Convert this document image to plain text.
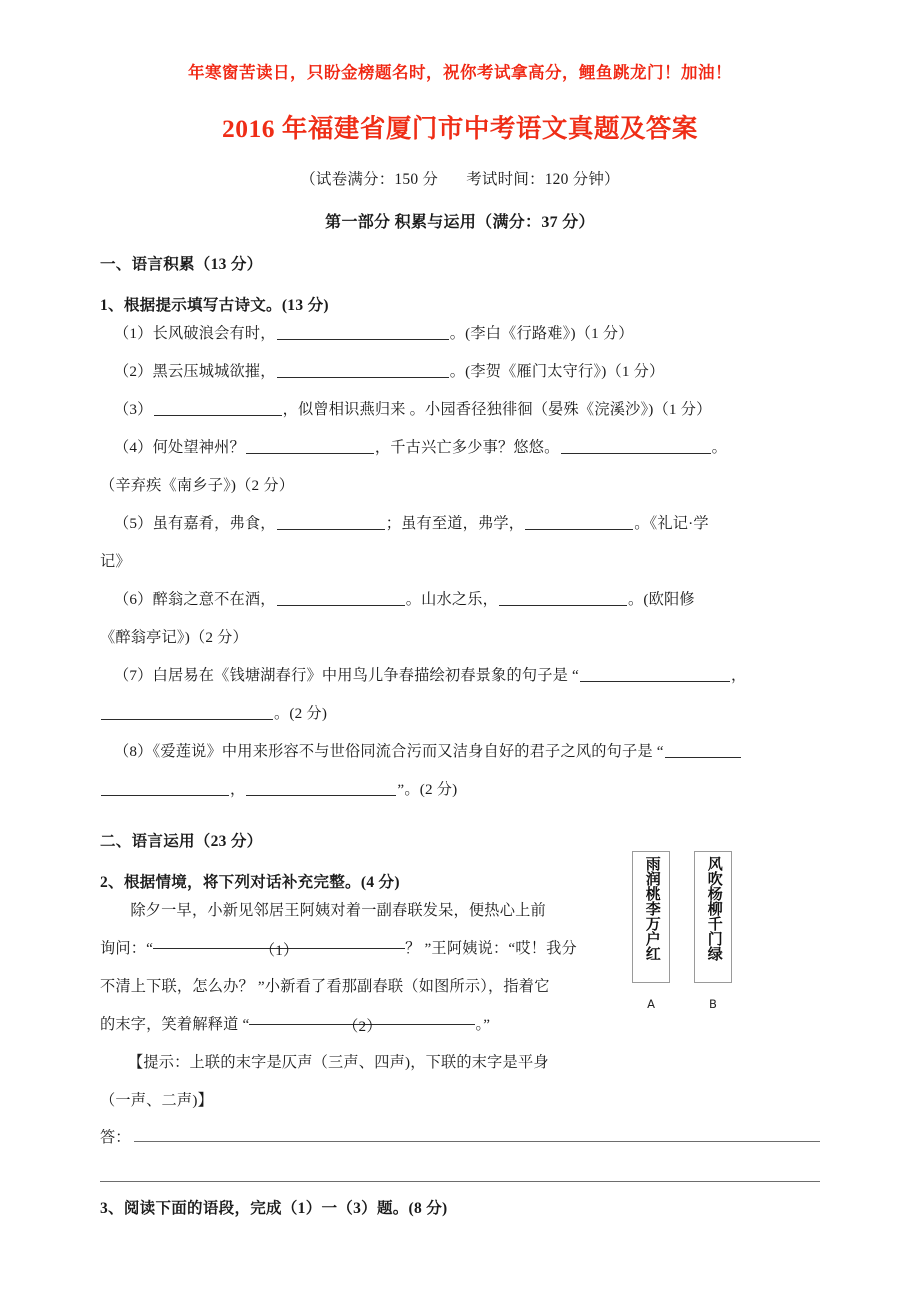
年寒窗苦读日，只盼金榜题名时，祝你考试拿高分，鲤鱼跳龙门！加油！
2016 年福建省厦门市中考语文真题及答案
（试卷满分：150 分 考试时间：120 分钟）
第一部分 积累与运用（满分：37 分）
一、语言积累（13 分）
1、根据提示填写古诗文。(13 分)
（1）长风破浪会有时，	。(李白《行路难》)（1 分）
（2）黑云压城城欲摧，	。(李贺《雁门太守行》)（1 分）
（3）	，似曾相识燕归来 。小园香径独徘徊（晏殊《浣溪沙》)（1 分）
（4）何处望神州？	，千古兴亡多少事？悠悠。	。
（辛弃疾《南乡子》)（2 分）
（5）虽有嘉肴，弗食，	；虽有至道，弗学，	。《礼记·学
记》
（6）醉翁之意不在酒，	。山水之乐，	。(欧阳修
《醉翁亭记》)（2 分）
（7）白居易在《钱塘湖春行》中用鸟儿争春描绘初春景象的句子是 “	，
。(2 分)
（8）《爱莲说》中用来形容不与世俗同流合污而又洁身自好的君子之风的句子是 “
，	”。(2 分)
二、语言运用（23 分）
2、根据情境，将下列对话补充完整。(4 分)
除夕一早，小新见邻居王阿姨对着一副春联发呆，便热心上前
询问：“	（1）	？ ”王阿姨说：“哎！我分
不清上下联，怎么办？ ”小新看了看那副春联（如图所示），指着它
的末字，笑着解释道 “	（2）	。”
雨润桃李万户红
A
风吹杨柳千门绿
B
【提示：上联的末字是仄声（三声、四声)，下联的末字是平身
（一声、二声)】
答：
3、阅读下面的语段，完成（1）一（3）题。(8 分)
